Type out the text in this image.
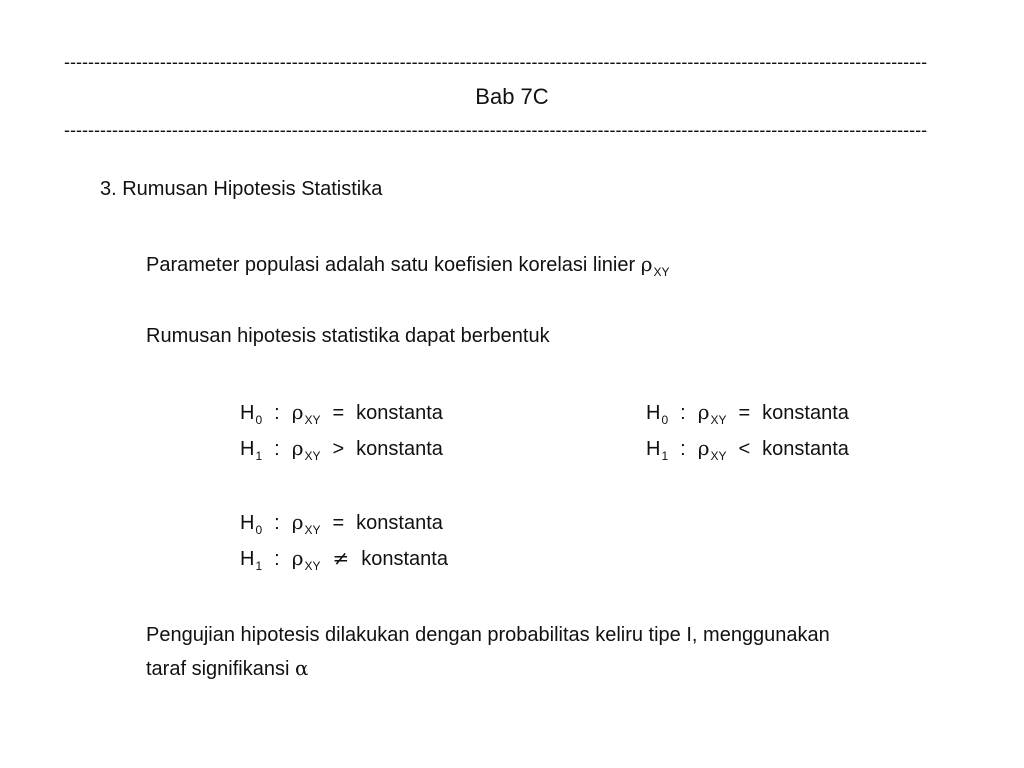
------------------------------------------------------------------------------------------------------------------------------------------------
Bab 7C
------------------------------------------------------------------------------------------------------------------------------------------------
3. Rumusan Hipotesis Statistika
Parameter populasi adalah satu koefisien korelasi linier $\rho_{XY}$
Rumusan hipotesis statistika dapat berbentuk
H0 : ρXY = konstanta
H1 : ρXY > konstanta
H0 : ρXY = konstanta
H1 : ρXY < konstanta
H0 : ρXY = konstanta
H1 : ρXY ≠ konstanta
Pengujian hipotesis dilakukan dengan probabilitas keliru tipe I, menggunakan
taraf signifikansi α
